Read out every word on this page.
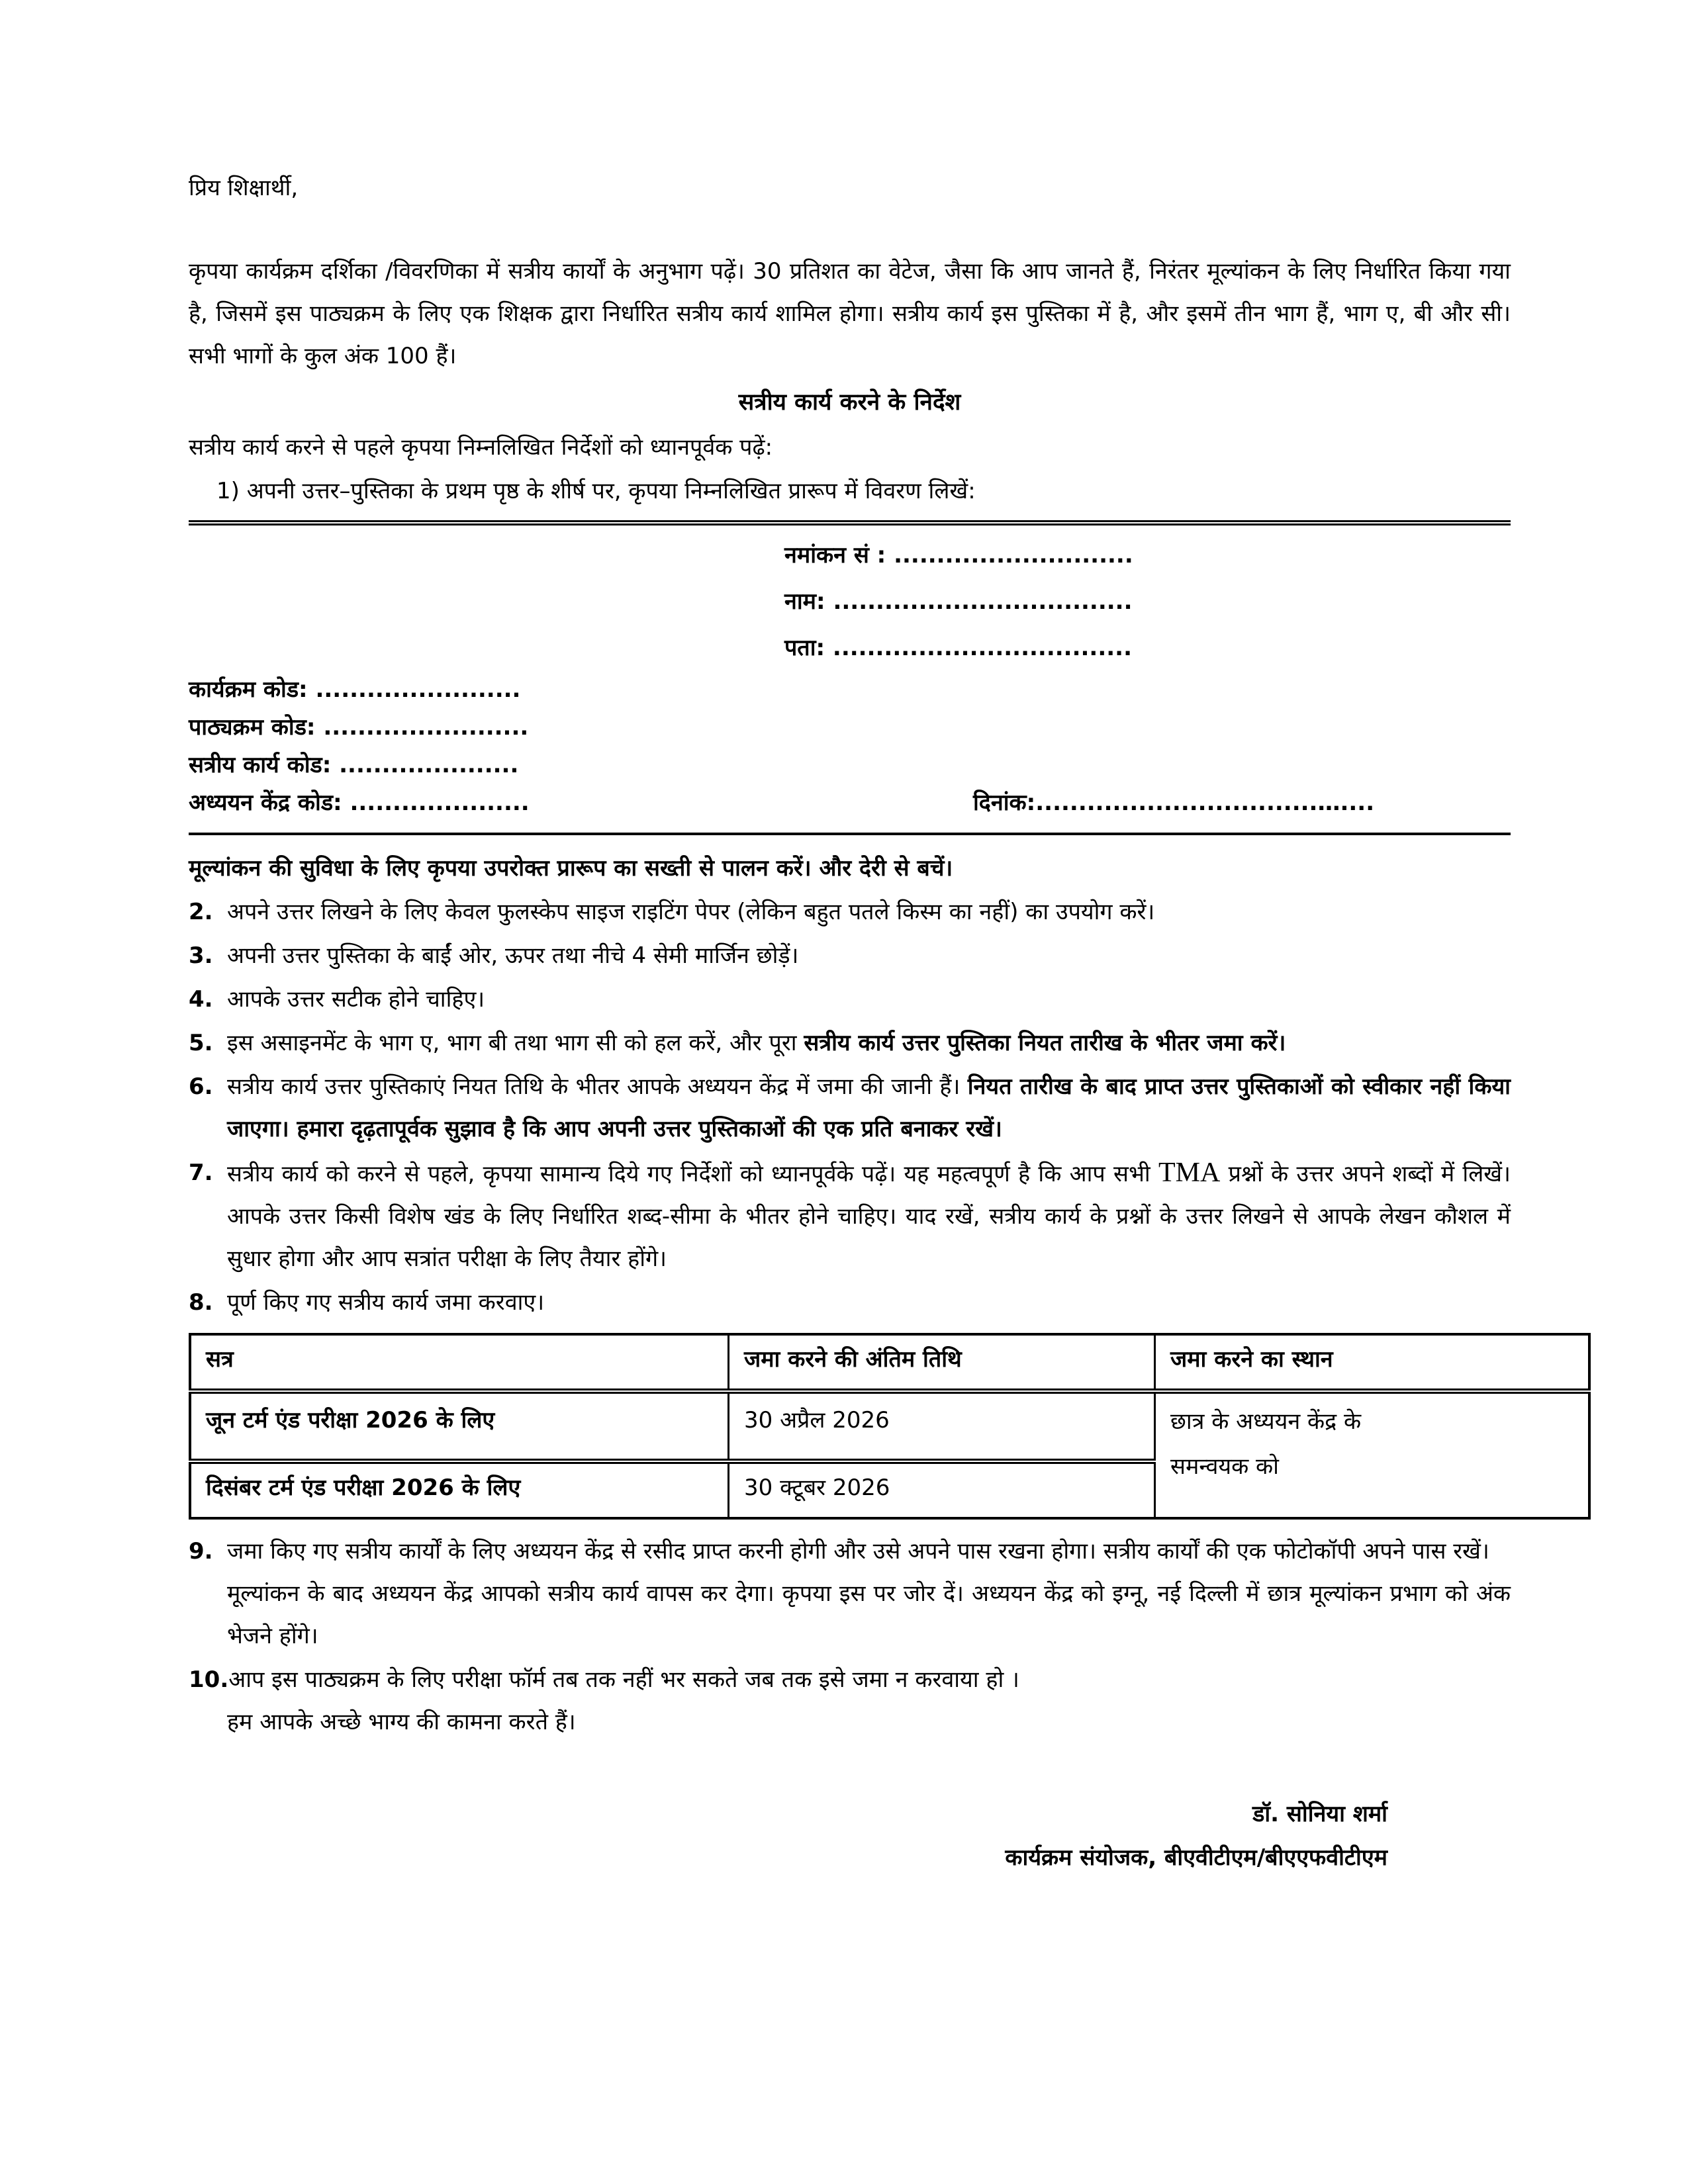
प्रिय शिक्षार्थी,

कृपया कार्यक्रम दर्शिका /विवरणिका में सत्रीय कार्यों के अनुभाग पढ़ें। 30 प्रतिशत का वेटेज, जैसा कि आप जानते हैं, निरंतर मूल्यांकन के लिए निर्धारित किया गया है, जिसमें इस पाठ्यक्रम के लिए एक शिक्षक द्वारा निर्धारित सत्रीय कार्य शामिल होगा। सत्रीय कार्य इस पुस्तिका में है, और इसमें तीन भाग हैं, भाग ए, बी और सी। सभी भागों के कुल अंक 100 हैं।

सत्रीय कार्य करने के निर्देश

सत्रीय कार्य करने से पहले कृपया निम्नलिखित निर्देशों को ध्यानपूर्वक पढ़ें:

1) अपनी उत्तर–पुस्तिका के प्रथम पृष्ठ के शीर्ष पर, कृपया निम्नलिखित प्रारूप में विवरण लिखें:

नमांकन सं : ............................

नाम: ...................................

पता: ...................................

कार्यक्रम कोड: ........................

पाठ्यक्रम कोड: ........................

सत्रीय कार्य कोड: .....................

अध्ययन केंद्र कोड: .....................	दिनांक:.................................…....

मूल्यांकन की सुविधा के लिए कृपया उपरोक्त प्रारूप का सख्ती से पालन करें। और देरी से बचें।

2. अपने उत्तर लिखने के लिए केवल फुलस्केप साइज राइटिंग पेपर (लेकिन बहुत पतले किस्म का नहीं) का उपयोग करें।
3. अपनी उत्तर पुस्तिका के बाईं ओर, ऊपर तथा नीचे 4 सेमी मार्जिन छोड़ें।
4. आपके उत्तर सटीक होने चाहिए।
5. इस असाइनमेंट के भाग ए, भाग बी तथा भाग सी को हल करें, और पूरा सत्रीय कार्य उत्तर पुस्तिका नियत तारीख के भीतर जमा करें।
6. सत्रीय कार्य उत्तर पुस्तिकाएं नियत तिथि के भीतर आपके अध्ययन केंद्र में जमा की जानी हैं। नियत तारीख के बाद प्राप्त उत्तर पुस्तिकाओं को स्वीकार नहीं किया जाएगा। हमारा दृढ़तापूर्वक सुझाव है कि आप अपनी उत्तर पुस्तिकाओं की एक प्रति बनाकर रखें।
7. सत्रीय कार्य को करने से पहले, कृपया सामान्य दिये गए निर्देशों को ध्यानपूर्वके पढ़ें। यह महत्वपूर्ण है कि आप सभी TMA प्रश्नों के उत्तर अपने शब्दों में लिखें। आपके उत्तर किसी विशेष खंड के लिए निर्धारित शब्द-सीमा के भीतर होने चाहिए। याद रखें, सत्रीय कार्य के प्रश्नों के उत्तर लिखने से आपके लेखन कौशल में सुधार होगा और आप सत्रांत परीक्षा के लिए तैयार होंगे।
8. पूर्ण किए गए सत्रीय कार्य जमा करवाए।
सत्र	जमा करने की अंतिम तिथि	जमा करने का स्थान
जून टर्म एंड परीक्षा 2026 के लिए	30 अप्रैल 2026	छात्र के अध्ययन केंद्र के

समन्वयक को

दिसंबर टर्म एंड परीक्षा 2026 के लिए	30 क्टूबर 2026	
9. जमा किए गए सत्रीय कार्यों के लिए अध्ययन केंद्र से रसीद प्राप्त करनी होगी और उसे अपने पास रखना होगा। सत्रीय कार्यों की एक फोटोकॉपी अपने पास रखें।

मूल्यांकन के बाद अध्ययन केंद्र आपको सत्रीय कार्य वापस कर देगा। कृपया इस पर जोर दें। अध्ययन केंद्र को इग्नू, नई दिल्ली में छात्र मूल्यांकन प्रभाग को अंक भेजने होंगे।

10. आप इस पाठ्यक्रम के लिए परीक्षा फॉर्म तब तक नहीं भर सकते जब तक इसे जमा न करवाया हो ।

हम आपके अच्छे भाग्य की कामना करते हैं।

डॉ. सोनिया शर्मा

कार्यक्रम संयोजक, बीएवीटीएम/बीएएफवीटीएम
